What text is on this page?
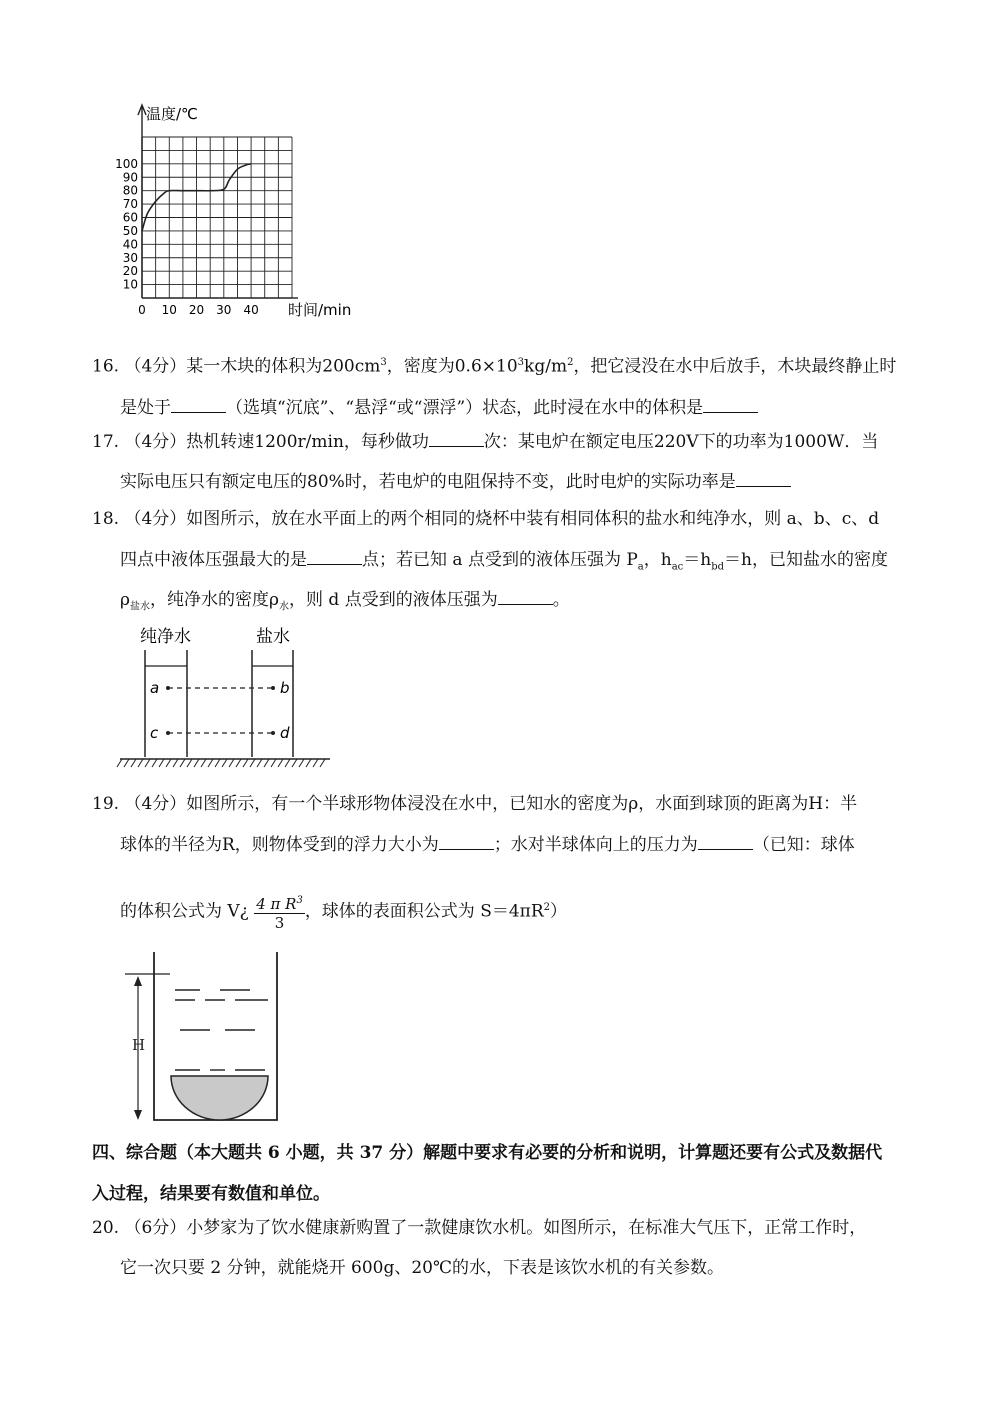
100
90
80
70
60
50
40
30
20
10
0 10 20 30 40
温度/℃
时间/min
16. （4分）某一木块的体积为$200cm^3$，密度为$0.6\times 10^3kg/m^2$，把它浸没在水中后放手，木块最终静止时
是处于	（选填“沉底”、“悬浮“或“漂浮”）状态，此时浸在水中的体积是
17. （4分）热机转速1200r/min，每秒做功	次：某电炉在额定电压220V下的功率为1000W．当
实际电压只有额定电压的80%时，若电炉的电阻保持不变，此时电炉的实际功率是
18. （4分）如图所示，放在水平面上的两个相同的烧杯中装有相同体积的盐水和纯净水，则 a、b、c、d
四点中液体压强最大的是	点；若已知 a 点受到的液体压强为 $P_a$，$h_{ac}=h_{bd}=h$，已知盐水的密度
$\rho_{盐水}$，纯净水的密度$\rho_水$，则 d 点受到的液体压强为	。
纯净水	盐水
a	b
c	d
19. （4分）如图所示，有一个半球形物体浸没在水中，已知水的密度为ρ，水面到球顶的距离为H：半
球体的半径为R，则物体受到的浮力大小为	；水对半球体向上的压力为	（已知：球体
的体积公式为 V¿ $\frac{4 \pi R^3}{3}$ ，球体的表面积公式为 $S=4\pi R^2$）
H
四、综合题（本大题共 6 小题，共 37 分）解题中要求有必要的分析和说明，计算题还要有公式及数据代
入过程，结果要有数值和单位。
20. （6分）小梦家为了饮水健康新购置了一款健康饮水机。如图所示，在标准大气压下，正常工作时，
它一次只要 2 分钟，就能烧开 600g、20℃的水，下表是该饮水机的有关参数。
